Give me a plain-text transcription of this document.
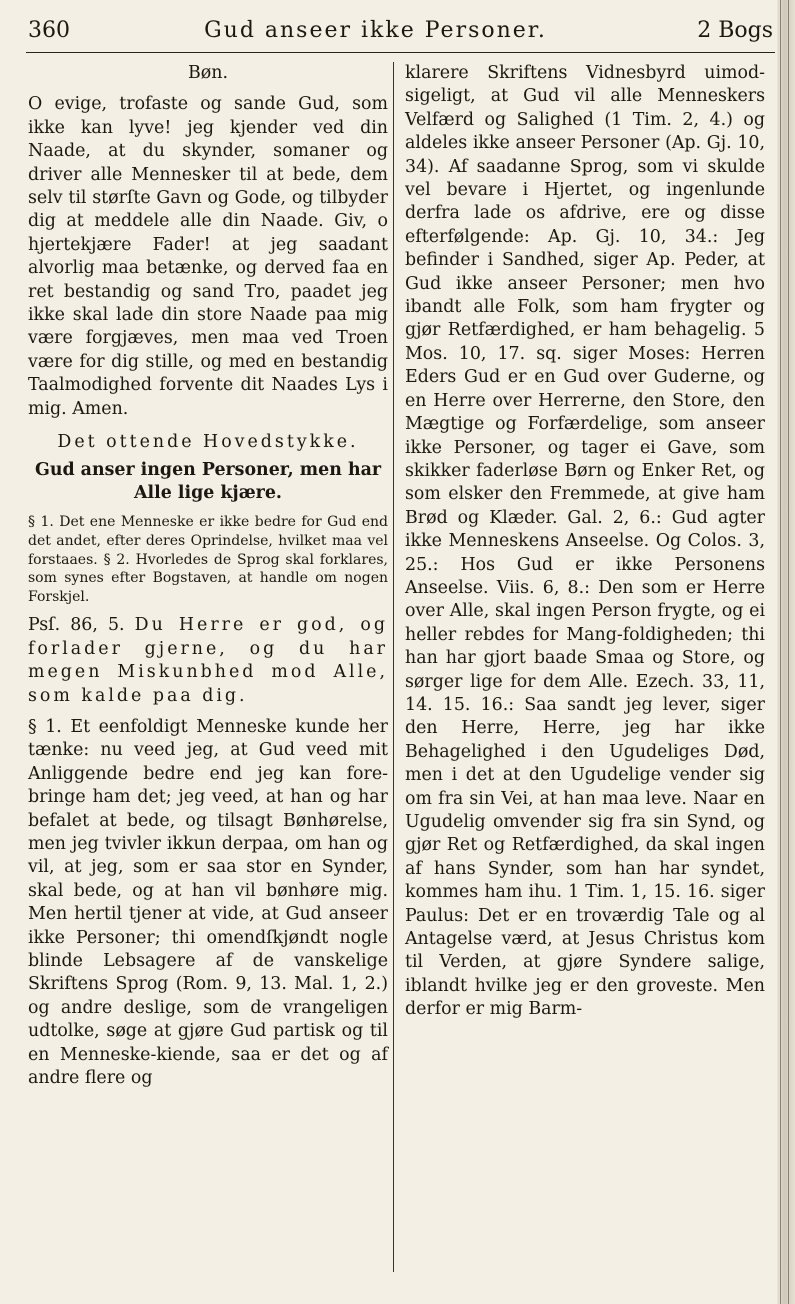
360	Gud anseer ikke Personer.	2 Bogs

Bøn.

O evige, trofaste og sande Gud, som ikke kan lyve! jeg kjender ved din Naade, at du skynder, somaner og driver alle Mennesker til at bede, dem selv til størſte Gavn og Gode, og tilbyder dig at meddele alle din Naade. Giv, o hjertekjære Fader! at jeg saadant alvorlig maa betænke, og derved faa en ret bestandig og sand Tro, paadet jeg ikke skal lade din store Naade paa mig være forgjæves, men maa ved Troen være for dig stille, og med en bestandig Taalmodighed forvente dit Naades Lys i mig. Amen.

Det ottende Hovedstykke.

Gud anser ingen Personer, men har Alle lige kjære.

§ 1. Det ene Menneske er ikke bedre for Gud end det andet, efter deres Oprindelse, hvilket maa vel forstaaes. § 2. Hvorledes de Sprog skal forklares, som synes efter Bogstaven, at handle om nogen Forskjel.

Psſ. 86, 5. Du Herre er god, og forlader gjerne, og du har megen Miskunbhed mod Alle, som kalde paa dig.

§ 1. Et eenfoldigt Menneske kunde her tænke: nu veed jeg, at Gud veed mit Anliggende bedre end jeg kan fore-bringe ham det; jeg veed, at han og har befalet at bede, og tilsagt Bønhørelse, men jeg tvivler ikkun derpaa, om han og vil, at jeg, som er saa stor en Synder, skal bede, og at han vil bønhøre mig. Men hertil tjener at vide, at Gud anseer ikke Personer; thi omendſkjøndt nogle blinde Lebsagere af de vanskelige Skriftens Sprog (Rom. 9, 13. Mal. 1, 2.) og andre deslige, som de vrangeligen udtolke, søge at gjøre Gud partisk og til en Menneske-kiende, saa er det og af andre flere og

klarere Skriftens Vidnesbyrd uimod-sigeligt, at Gud vil alle Menneskers Velfærd og Salighed (1 Tim. 2, 4.) og aldeles ikke anseer Personer (Ap. Gj. 10, 34). Af saadanne Sprog, som vi skulde vel bevare i Hjertet, og ingenlunde derfra lade os afdrive, ere og disse efterfølgende: Ap. Gj. 10, 34.: Jeg befinder i Sandhed, siger Ap. Peder, at Gud ikke anseer Personer; men hvo ibandt alle Folk, som ham frygter og gjør Retfærdighed, er ham behagelig. 5 Mos. 10, 17. sq. siger Moses: Herren Eders Gud er en Gud over Guderne, og en Herre over Herrerne, den Store, den Mægtige og Forfærdelige, som anseer ikke Personer, og tager ei Gave, som skikker faderløse Børn og Enker Ret, og som elsker den Fremmede, at give ham Brød og Klæder. Gal. 2, 6.: Gud agter ikke Menneskens Anseelse. Og Colos. 3, 25.: Hos Gud er ikke Personens Anseelse. Viis. 6, 8.: Den som er Herre over Alle, skal ingen Person frygte, og ei heller rebdes for Mang-foldigheden; thi han har gjort baade Smaa og Store, og sørger lige for dem Alle. Ezech. 33, 11, 14. 15. 16.: Saa sandt jeg lever, siger den Herre, Herre, jeg har ikke Behagelighed i den Ugudeliges Død, men i det at den Ugudelige vender sig om fra sin Vei, at han maa leve. Naar en Ugudelig omvender sig fra sin Synd, og gjør Ret og Retfærdighed, da skal ingen af hans Synder, som han har syndet, kommes ham ihu. 1 Tim. 1, 15. 16. siger Paulus: Det er en troværdig Tale og al Antagelse værd, at Jesus Christus kom til Verden, at gjøre Syndere salige, iblandt hvilke jeg er den groveste. Men derfor er mig Barm-
